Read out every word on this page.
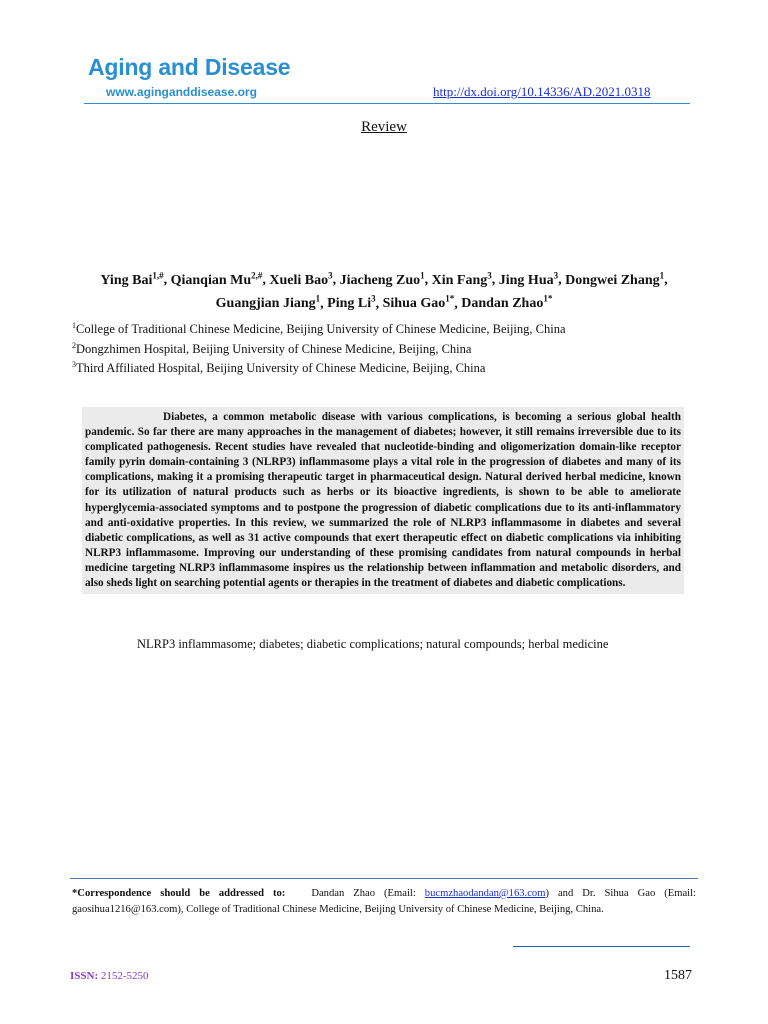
Aging and Disease
www.aginganddisease.org	http://dx.doi.org/10.14336/AD.2021.0318
Review
Ying Bai$^{1,\#}$, Qianqian $Mu^{2,\#}$, Xueli Bao$^3$, Jiacheng Zuo$^1$, Xin Fang$^3$, Jing Hua$^3$, Dongwei Zhang$^1$,
Guangjian Jiang$^1$, Ping Li$^3$, Sihua Gao$^{1*}$, Dandan Zhao$^{1*}$
$^1$College of Traditional Chinese Medicine, Beijing University of Chinese Medicine, Beijing, China
$^2$Dongzhimen Hospital, Beijing University of Chinese Medicine, Beijing, China
$^3$Third Affiliated Hospital, Beijing University of Chinese Medicine, Beijing, China
Diabetes, a common metabolic disease with various complications, is becoming a serious global health pandemic. So far there are many approaches in the management of diabetes; however, it still remains irreversible due to its complicated pathogenesis. Recent studies have revealed that nucleotide-binding and oligomerization domain-like receptor family pyrin domain-containing 3 (NLRP3) inflammasome plays a vital role in the progression of diabetes and many of its complications, making it a promising therapeutic target in pharmaceutical design. Natural derived herbal medicine, known for its utilization of natural products such as herbs or its bioactive ingredients, is shown to be able to ameliorate hyperglycemia-associated symptoms and to postpone the progression of diabetic complications due to its anti-inflammatory and anti-oxidative properties. In this review, we summarized the role of NLRP3 inflammasome in diabetes and several diabetic complications, as well as 31 active compounds that exert therapeutic effect on diabetic complications via inhibiting NLRP3 inflammasome. Improving our understanding of these promising candidates from natural compounds in herbal medicine targeting NLRP3 inflammasome inspires us the relationship between inflammation and metabolic disorders, and also sheds light on searching potential agents or therapies in the treatment of diabetes and diabetic complications.
NLRP3 inflammasome; diabetes; diabetic complications; natural compounds; herbal medicine
*Correspondence should be addressed to: Dandan Zhao (Email: bucmzhaodandan@163.com) and Dr. Sihua Gao (Email: gaosihua1216@163.com), College of Traditional Chinese Medicine, Beijing University of Chinese Medicine, Beijing, China.
ISSN: 2152-5250	1587
